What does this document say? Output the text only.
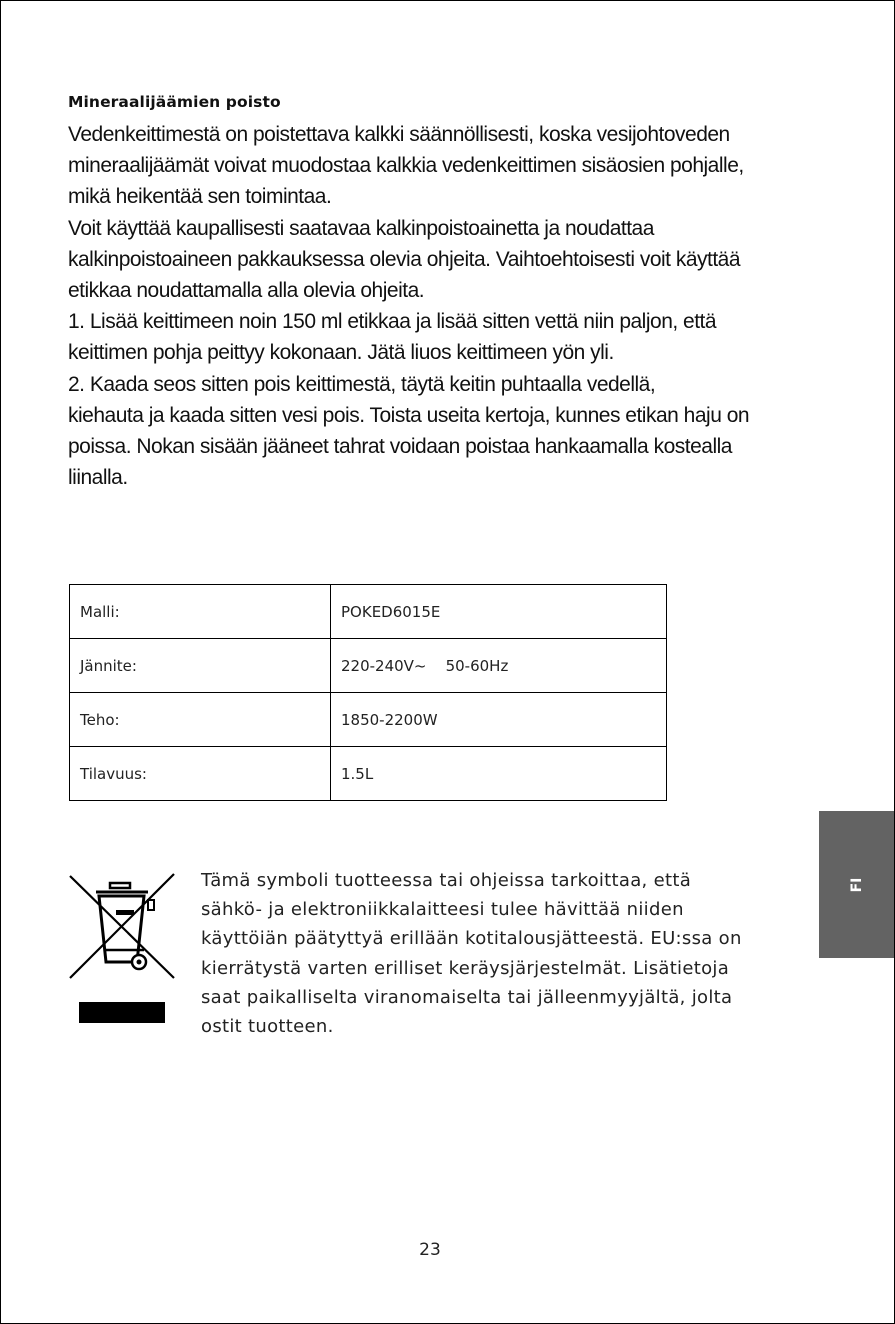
Mineraalijäämien poisto

Vedenkeittimestä on poistettava kalkki säännöllisesti, koska vesijohtoveden

mineraalijäämät voivat muodostaa kalkkia vedenkeittimen sisäosien pohjalle,

mikä heikentää sen toimintaa.

Voit käyttää kaupallisesti saatavaa kalkinpoistoainetta ja noudattaa

kalkinpoistoaineen pakkauksessa olevia ohjeita. Vaihtoehtoisesti voit käyttää

etikkaa noudattamalla alla olevia ohjeita.

1. Lisää keittimeen noin 150 ml etikkaa ja lisää sitten vettä niin paljon, että

keittimen pohja peittyy kokonaan. Jätä liuos keittimeen yön yli.

2. Kaada seos sitten pois keittimestä, täytä keitin puhtaalla vedellä,

kiehauta ja kaada sitten vesi pois. Toista useita kertoja, kunnes etikan haju on

poissa. Nokan sisään jääneet tahrat voidaan poistaa hankaamalla kostealla

liinalla.

Malli:	POKED6015E
Jännite:	220-240V~    50-60Hz
Teho:	1850-2200W
Tilavuus:	1.5L

Tämä symboli tuotteessa tai ohjeissa tarkoittaa, että

sähkö- ja elektroniikkalaitteesi tulee hävittää niiden

käyttöiän päätyttyä erillään kotitalousjätteestä. EU:ssa on

kierrätystä varten erilliset keräysjärjestelmät. Lisätietoja

saat paikalliselta viranomaiselta tai jälleenmyyjältä, jolta

ostit tuotteen.

FI
23
